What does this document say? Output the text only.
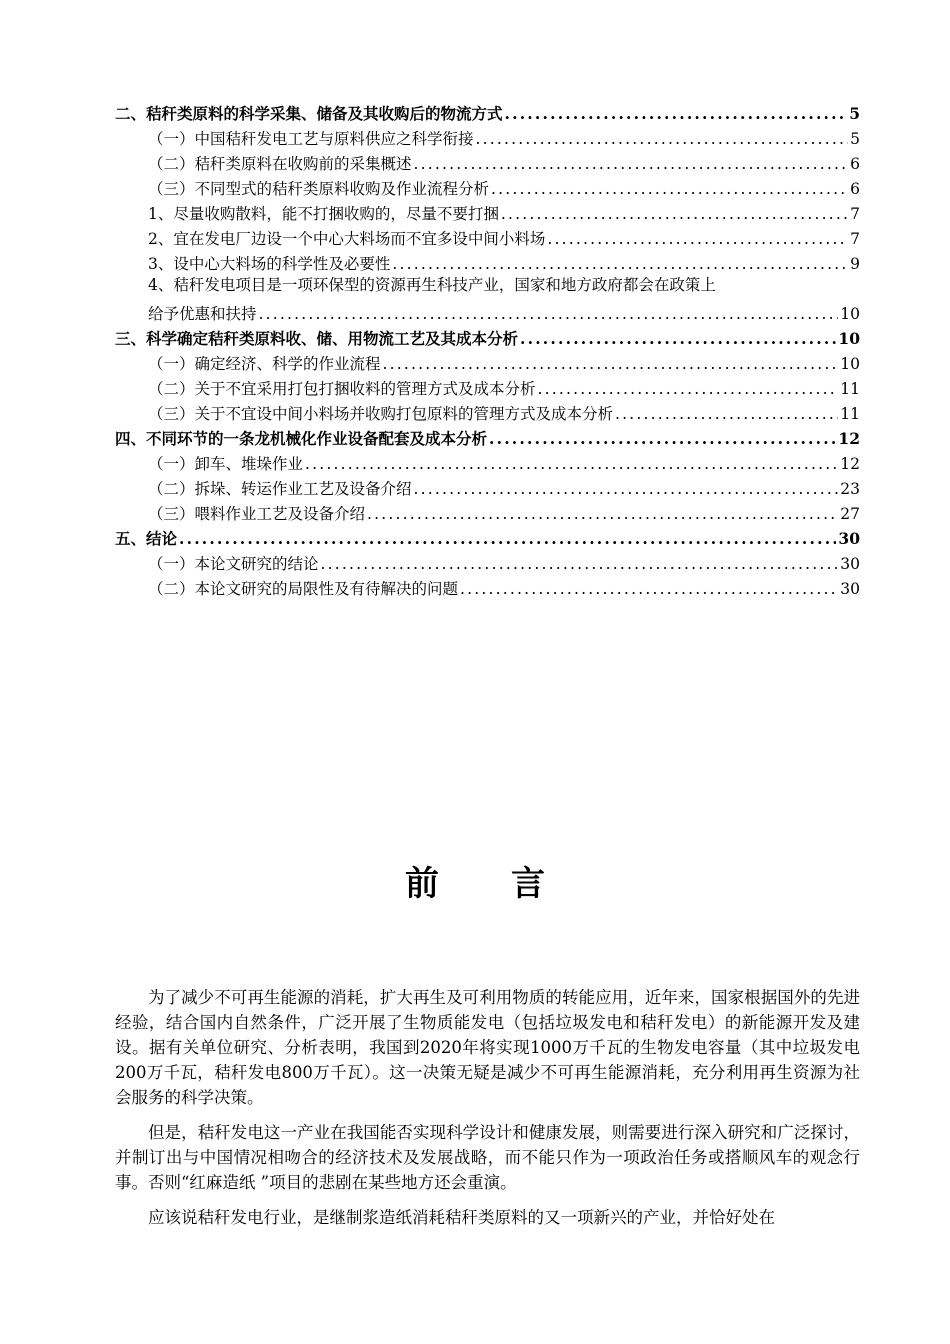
二、秸秆类原料的科学采集、储备及其收购后的物流方式 .....	5
（一）中国秸秆发电工艺与原料供应之科学衔接 .....	5
（二）秸秆类原料在收购前的采集概述 .....	6
（三）不同型式的秸秆类原料收购及作业流程分析 .....	6
1、尽量收购散料，能不打捆收购的，尽量不要打捆 .....	7
2、宜在发电厂边设一个中心大料场而不宜多设中间小料场 .....	7
3、设中心大料场的科学性及必要性 .....	9
4、秸秆发电项目是一项环保型的资源再生科技产业，国家和地方政府都会在政策上
给予优惠和扶持 .....	10
三、科学确定秸秆类原料收、储、用物流工艺及其成本分析 .....	10
（一）确定经济、科学的作业流程 .....	10
（二）关于不宜采用打包打捆收料的管理方式及成本分析 .....	11
（三）关于不宜设中间小料场并收购打包原料的管理方式及成本分析 .....	11
四、不同环节的一条龙机械化作业设备配套及成本分析 .....	12
（一）卸车、堆垛作业 .....	12
（二）拆垛、转运作业工艺及设备介绍 .....	23
（三）喂料作业工艺及设备介绍 .....	27
五、结论 .....	30
（一）本论文研究的结论 .....	30
（二）本论文研究的局限性及有待解决的问题 .....	30
前言

为了减少不可再生能源的消耗，扩大再生及可利用物质的转能应用，近年来，国家根据国外的先进经验，结合国内自然条件，广泛开展了生物质能发电（包括垃圾发电和秸秆发电）的新能源开发及建设。据有关单位研究、分析表明，我国到2020年将实现1000万千瓦的生物发电容量（其中垃圾发电200万千瓦，秸秆发电800万千瓦）。这一决策无疑是减少不可再生能源消耗，充分利用再生资源为社会服务的科学决策。

但是，秸秆发电这一产业在我国能否实现科学设计和健康发展，则需要进行深入研究和广泛探讨，并制订出与中国情况相吻合的经济技术及发展战略，而不能只作为一项政治任务或搭顺风车的观念行事。否则“红麻造纸 ”项目的悲剧在某些地方还会重演。

应该说秸秆发电行业，是继制浆造纸消耗秸秆类原料的又一项新兴的产业，并恰好处在
